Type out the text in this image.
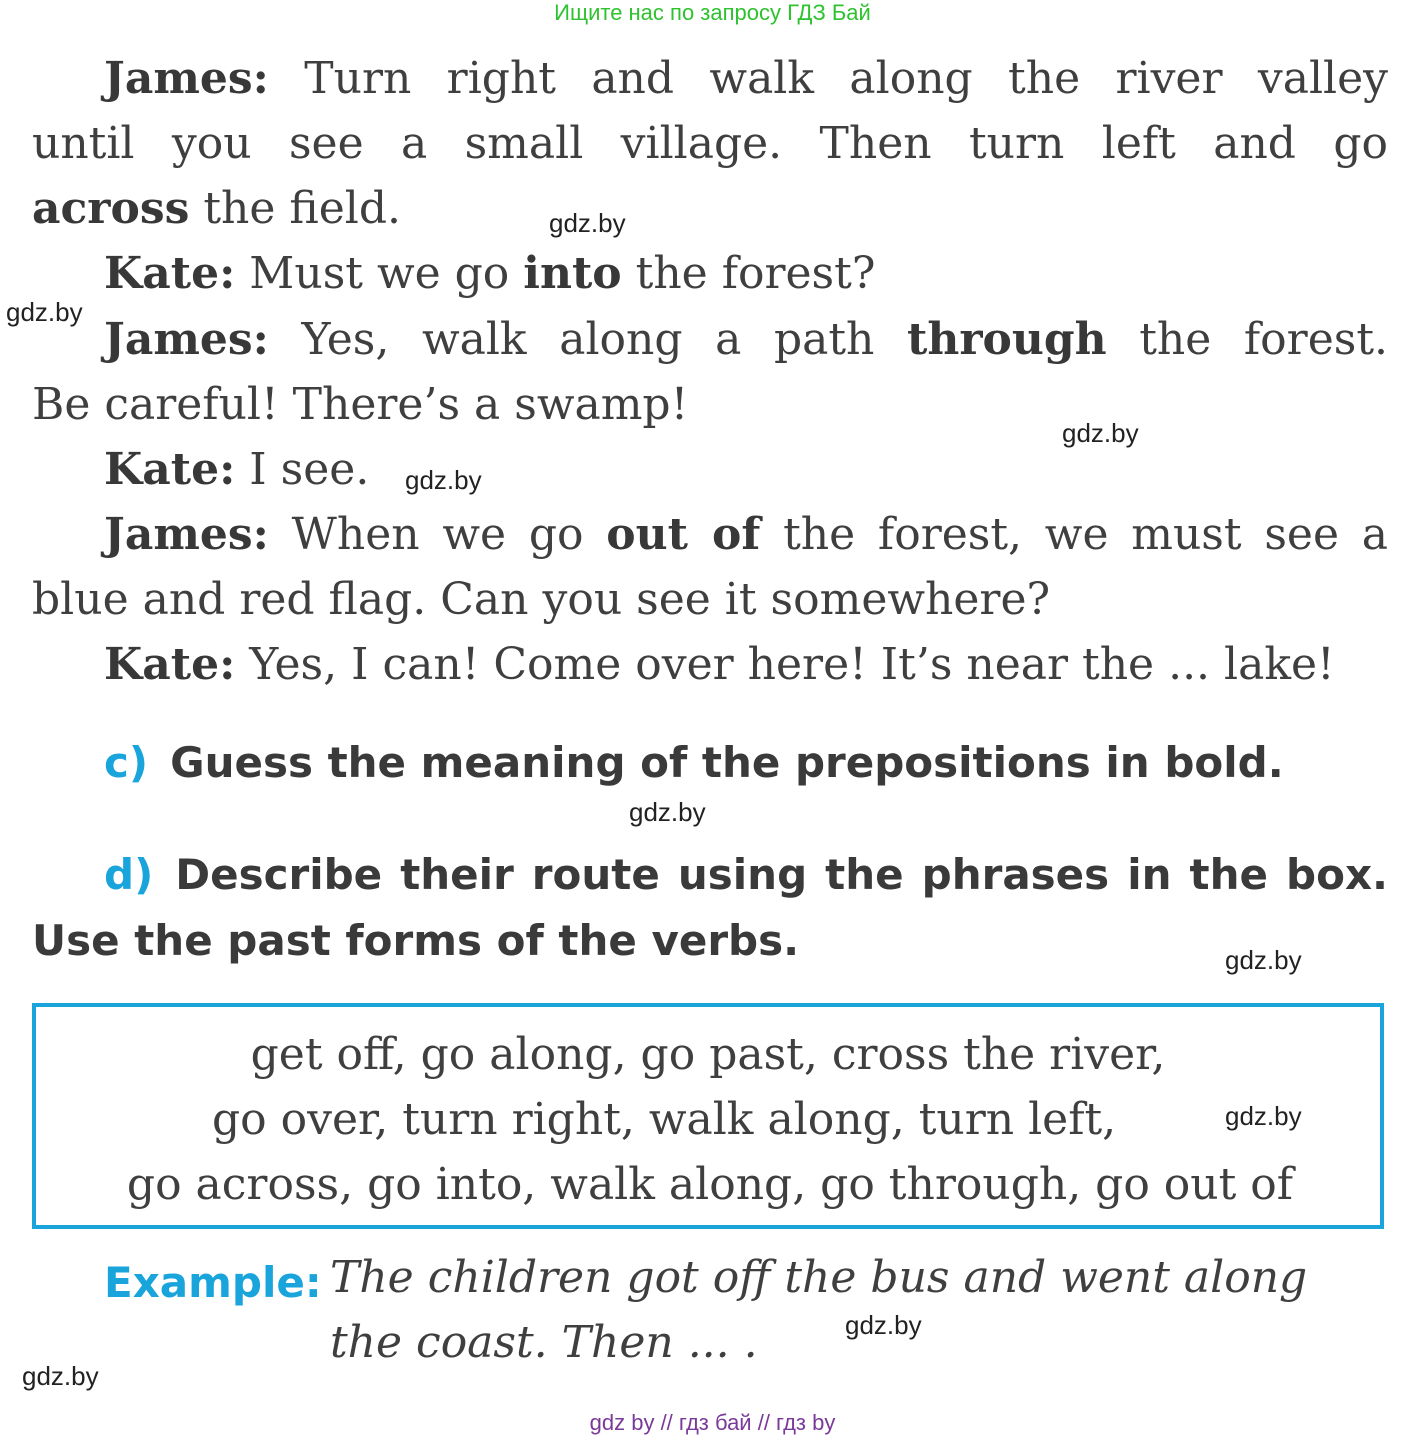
Ищите нас по запросу ГДЗ Бай
James: Turn right and walk along the river valley
until you see a small village. Then turn left and go
across the field.
Kate: Must we go into the forest?
James: Yes, walk along a path through the forest.
Be careful! There’s a swamp!
Kate: I see.
James: When we go out of the forest, we must see a
blue and red flag. Can you see it somewhere?
Kate: Yes, I can! Come over here! It’s near the ... lake!
c) Guess the meaning of the prepositions in bold.
d) Describe their route using the phrases in the box.
Use the past forms of the verbs.
get off, go along, go past, cross the river,
go over, turn right, walk along, turn left,
go across, go into, walk along, go through, go out of
Example: The children got off the bus and went along
the coast. Then ... .
gdz.by
gdz.by
gdz.by
gdz.by
gdz.by
gdz.by
gdz.by
gdz.by
gdz.by
gdz by // гдз бай // гдз by
